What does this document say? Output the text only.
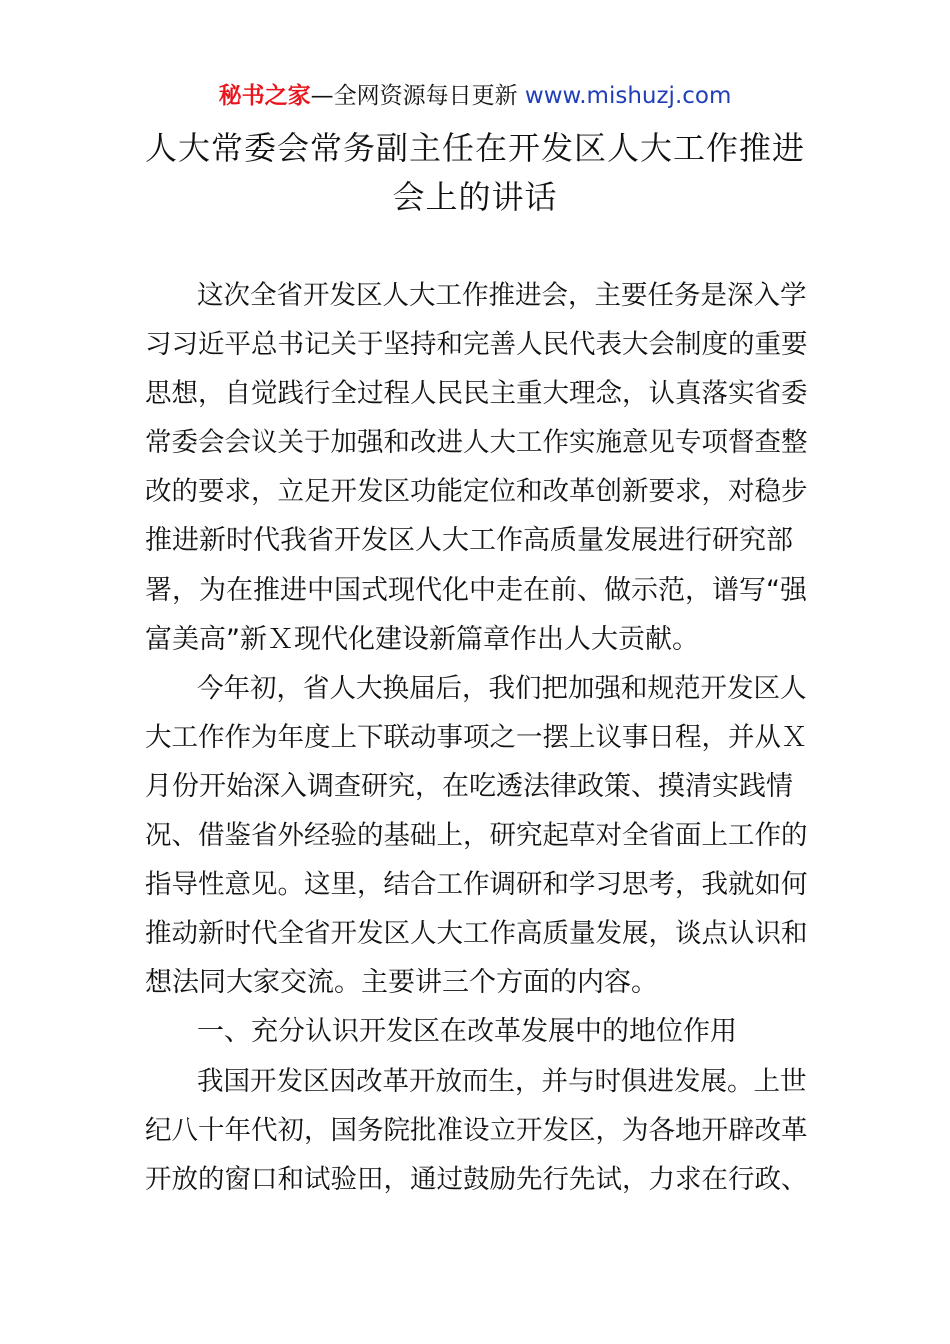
秘书之家—全网资源每日更新 www.mishuzj.com
人大常委会常务副主任在开发区人大工作推进
会上的讲话
这次全省开发区人大工作推进会，主要任务是深入学
习习近平总书记关于坚持和完善人民代表大会制度的重要
思想，自觉践行全过程人民民主重大理念，认真落实省委
常委会会议关于加强和改进人大工作实施意见专项督查整
改的要求，立足开发区功能定位和改革创新要求，对稳步
推进新时代我省开发区人大工作高质量发展进行研究部
署，为在推进中国式现代化中走在前、做示范，谱写“强
富美高”新Ｘ现代化建设新篇章作出人大贡献。
今年初，省人大换届后，我们把加强和规范开发区人
大工作作为年度上下联动事项之一摆上议事日程，并从Ｘ
月份开始深入调查研究，在吃透法律政策、摸清实践情
况、借鉴省外经验的基础上，研究起草对全省面上工作的
指导性意见。这里，结合工作调研和学习思考，我就如何
推动新时代全省开发区人大工作高质量发展，谈点认识和
想法同大家交流。主要讲三个方面的内容。
一、充分认识开发区在改革发展中的地位作用
我国开发区因改革开放而生，并与时俱进发展。上世
纪八十年代初，国务院批准设立开发区，为各地开辟改革
开放的窗口和试验田，通过鼓励先行先试，力求在行政、
